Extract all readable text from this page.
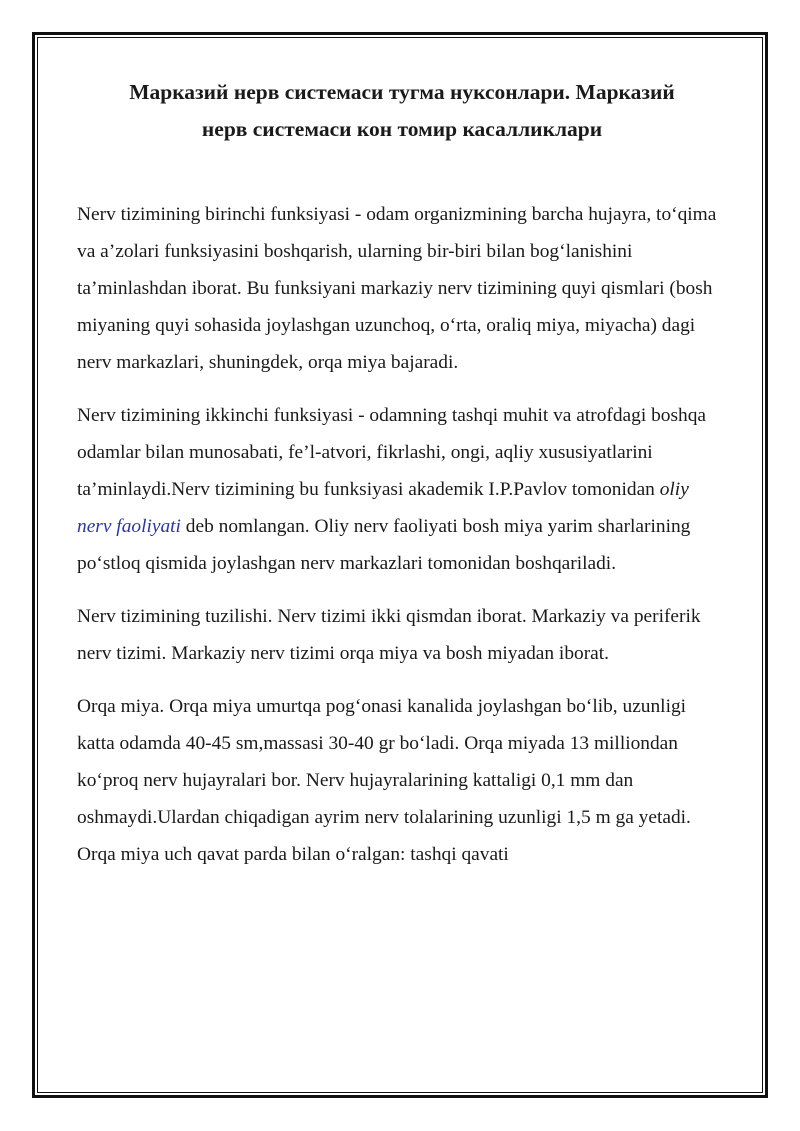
Марказий нерв системаси тугма нуксонлари. Марказий
нерв системаси кон томир касалликлари

Nerv tizimining birinchi funksiyasi - odam organizmining barcha hujayra, to‘qima va a’zolari funksiyasini boshqarish, ularning bir-biri bilan bog‘lanishini ta’minlashdan iborat. Bu funksiyani markaziy nerv tizimining quyi qismlari (bosh miyaning quyi sohasida joylashgan uzunchoq, o‘rta, oraliq miya, miyacha) dagi nerv markazlari, shuningdek, orqa miya bajaradi.

Nerv tizimining ikkinchi funksiyasi - odamning tashqi muhit va atrofdagi boshqa odamlar bilan munosabati, fe’l-atvori, fikrlashi, ongi, aqliy xususiyatlarini ta’minlaydi.Nerv tizimining bu funksiyasi akademik I.P.Pavlov tomonidan oliy nerv faoliyati deb nomlangan. Oliy nerv faoliyati bosh miya yarim sharlarining po‘stloq qismida joylashgan nerv markazlari tomonidan boshqariladi.

Nerv tizimining tuzilishi. Nerv tizimi ikki qismdan iborat. Markaziy va periferik nerv tizimi. Markaziy nerv tizimi orqa miya va bosh miyadan iborat.

Orqa miya. Orqa miya umurtqa pog‘onasi kanalida joylashgan bo‘lib, uzunligi katta odamda 40-45 sm,massasi 30-40 gr bo‘ladi. Orqa miyada 13 milliondan ko‘proq nerv hujayralari bor. Nerv hujayralarining kattaligi 0,1 mm dan oshmaydi.Ulardan chiqadigan ayrim nerv tolalarining uzunligi 1,5 m ga yetadi. Orqa miya uch qavat parda bilan o‘ralgan: tashqi qavati
